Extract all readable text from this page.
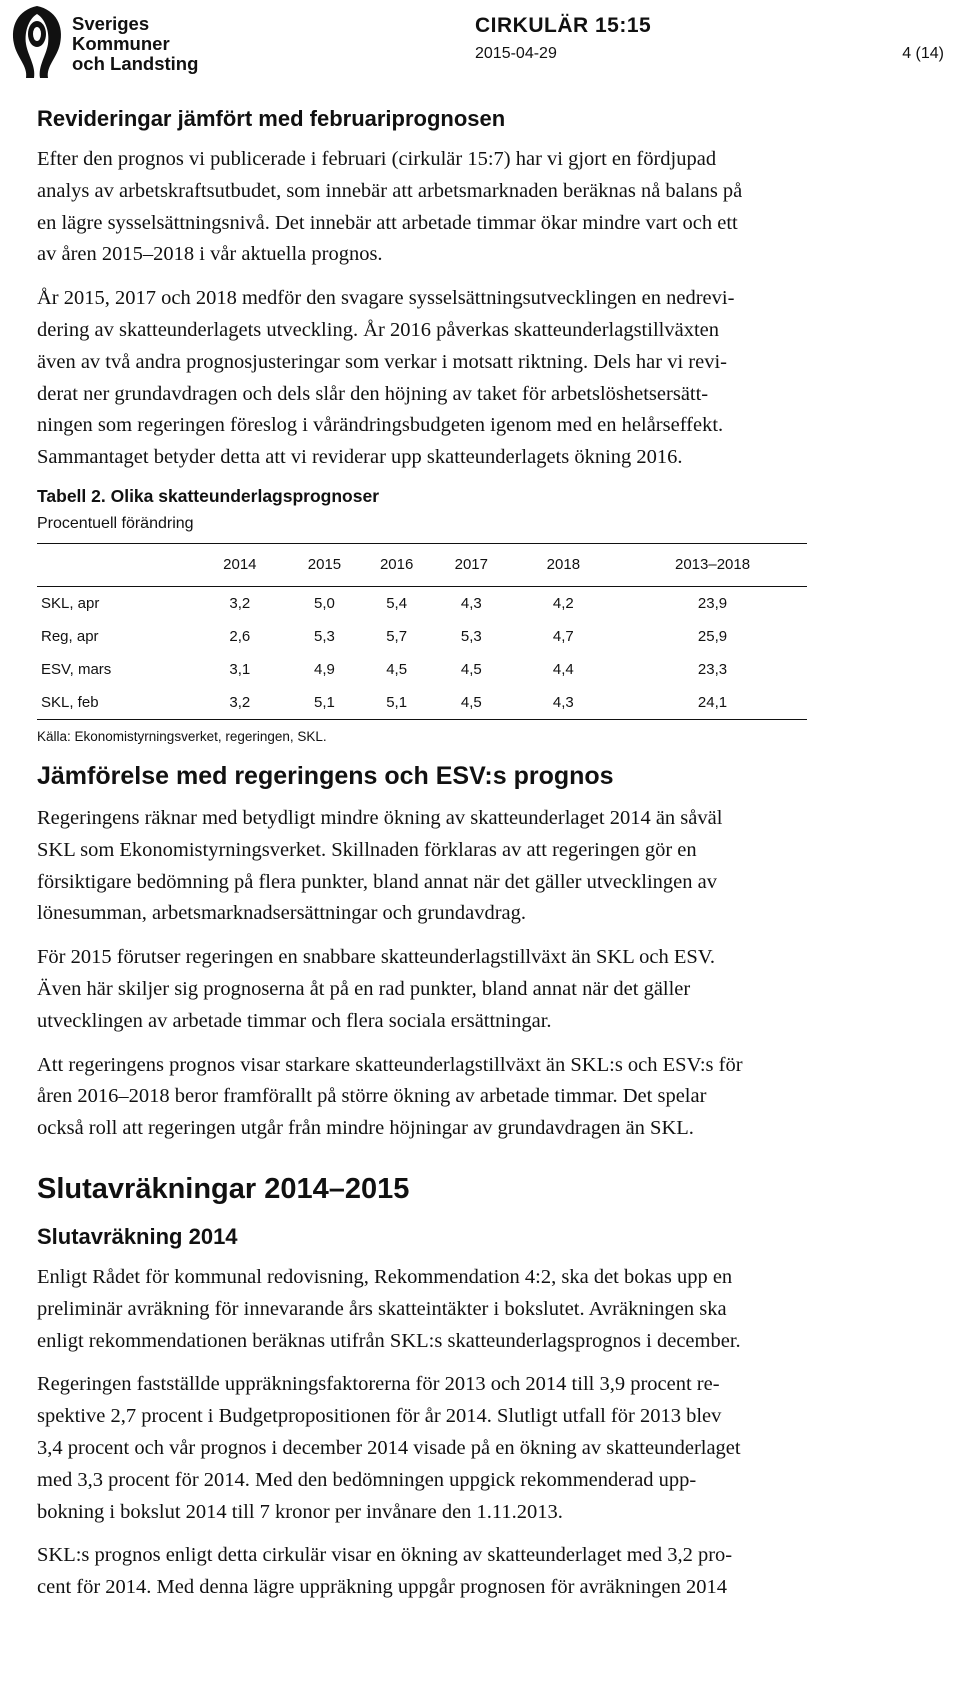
Sveriges
Kommuner
och Landsting
CIRKULÄR 15:15
2015-04-29	4 (14)
Revideringar jämfört med februariprognosen

Efter den prognos vi publicerade i februari (cirkulär 15:7) har vi gjort en fördjupad
analys av arbetskraftsutbudet, som innebär att arbetsmarknaden beräknas nå balans på
en lägre sysselsättningsnivå. Det innebär att arbetade timmar ökar mindre vart och ett
av åren 2015–2018 i vår aktuella prognos.

År 2015, 2017 och 2018 medför den svagare sysselsättningsutvecklingen en nedrevi-
dering av skatteunderlagets utveckling. År 2016 påverkas skatteunderlagstillväxten
även av två andra prognosjusteringar som verkar i motsatt riktning. Dels har vi revi-
derat ner grundavdragen och dels slår den höjning av taket för arbetslöshetsersätt-
ningen som regeringen föreslog i vårändringsbudgeten igenom med en helårseffekt.
Sammantaget betyder detta att vi reviderar upp skatteunderlagets ökning 2016.

Tabell 2. Olika skatteunderlagsprognoser
Procentuell förändring
	2014	2015	2016	2017	2018	2013–2018
SKL, apr	3,2	5,0	5,4	4,3	4,2	23,9
Reg, apr	2,6	5,3	5,7	5,3	4,7	25,9
ESV, mars	3,1	4,9	4,5	4,5	4,4	23,3
SKL, feb	3,2	5,1	5,1	4,5	4,3	24,1
Källa: Ekonomistyrningsverket, regeringen, SKL.
Jämförelse med regeringens och ESV:s prognos

Regeringens räknar med betydligt mindre ökning av skatteunderlaget 2014 än såväl
SKL som Ekonomistyrningsverket. Skillnaden förklaras av att regeringen gör en
försiktigare bedömning på flera punkter, bland annat när det gäller utvecklingen av
lönesumman, arbetsmarknadsersättningar och grundavdrag.

För 2015 förutser regeringen en snabbare skatteunderlagstillväxt än SKL och ESV.
Även här skiljer sig prognoserna åt på en rad punkter, bland annat när det gäller
utvecklingen av arbetade timmar och flera sociala ersättningar.

Att regeringens prognos visar starkare skatteunderlagstillväxt än SKL:s och ESV:s för
åren 2016–2018 beror framförallt på större ökning av arbetade timmar. Det spelar
också roll att regeringen utgår från mindre höjningar av grundavdragen än SKL.

Slutavräkningar 2014–2015
Slutavräkning 2014

Enligt Rådet för kommunal redovisning, Rekommendation 4:2, ska det bokas upp en
preliminär avräkning för innevarande års skatteintäkter i bokslutet. Avräkningen ska
enligt rekommendationen beräknas utifrån SKL:s skatteunderlagsprognos i december.

Regeringen fastställde uppräkningsfaktorerna för 2013 och 2014 till 3,9 procent re-
spektive 2,7 procent i Budgetpropositionen för år 2014. Slutligt utfall för 2013 blev
3,4 procent och vår prognos i december 2014 visade på en ökning av skatteunderlaget
med 3,3 procent för 2014. Med den bedömningen uppgick rekommenderad upp-
bokning i bokslut 2014 till 7 kronor per invånare den 1.11.2013.

SKL:s prognos enligt detta cirkulär visar en ökning av skatteunderlaget med 3,2 pro-
cent för 2014. Med denna lägre uppräkning uppgår prognosen för avräkningen 2014
